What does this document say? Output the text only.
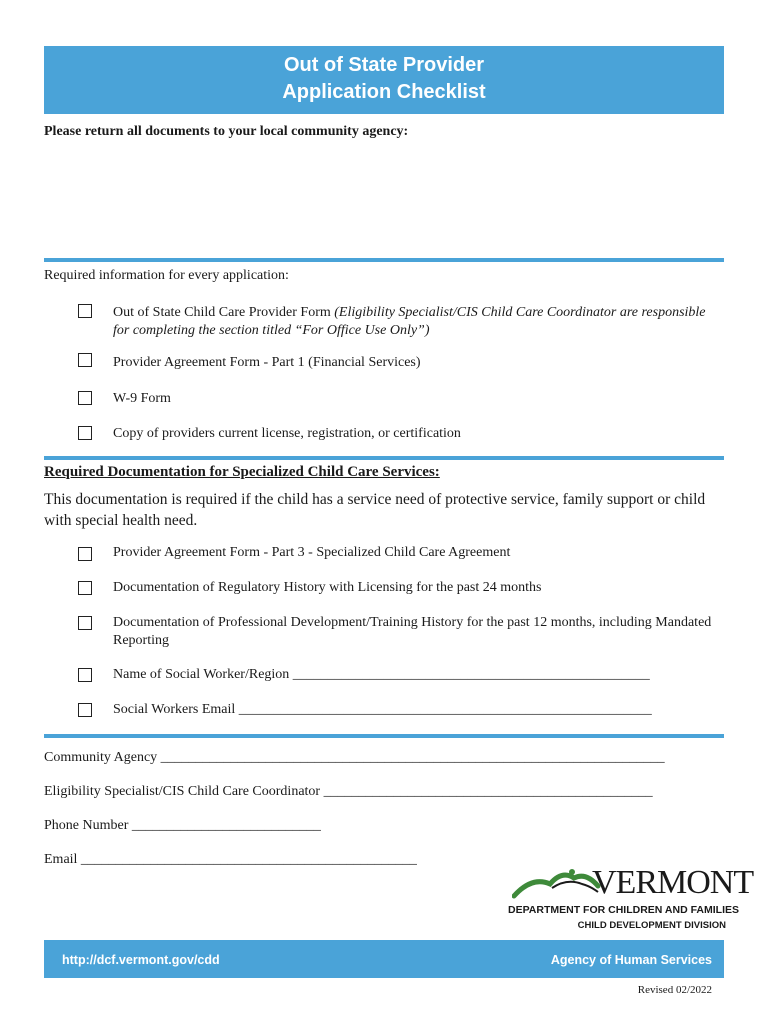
Out of State Provider
Application Checklist
Please return all documents to your local community agency:
Required information for every application:
Out of State Child Care Provider Form (Eligibility Specialist/CIS Child Care Coordinator are responsible for completing the section titled “For Office Use Only”)
Provider Agreement Form - Part 1 (Financial Services)
W-9 Form
Copy of providers current license, registration, or certification
Required Documentation for Specialized Child Care Services:
This documentation is required if the child has a service need of protective service, family support or child with special health need.
Provider Agreement Form - Part 3 - Specialized Child Care Agreement
Documentation of Regulatory History with Licensing for the past 24 months
Documentation of Professional Development/Training History for the past 12 months, including Mandated Reporting
Name of Social Worker/Region ___________________________________________________
Social Workers Email ___________________________________________________________
Community Agency ________________________________________________________________________
Eligibility Specialist/CIS Child Care Coordinator _______________________________________________
Phone Number ___________________________
Email ________________________________________________
VERMONT
DEPARTMENT FOR CHILDREN AND FAMILIES
CHILD DEVELOPMENT DIVISION
http://dcf.vermont.gov/cdd	Agency of Human Services
Revised 02/2022
